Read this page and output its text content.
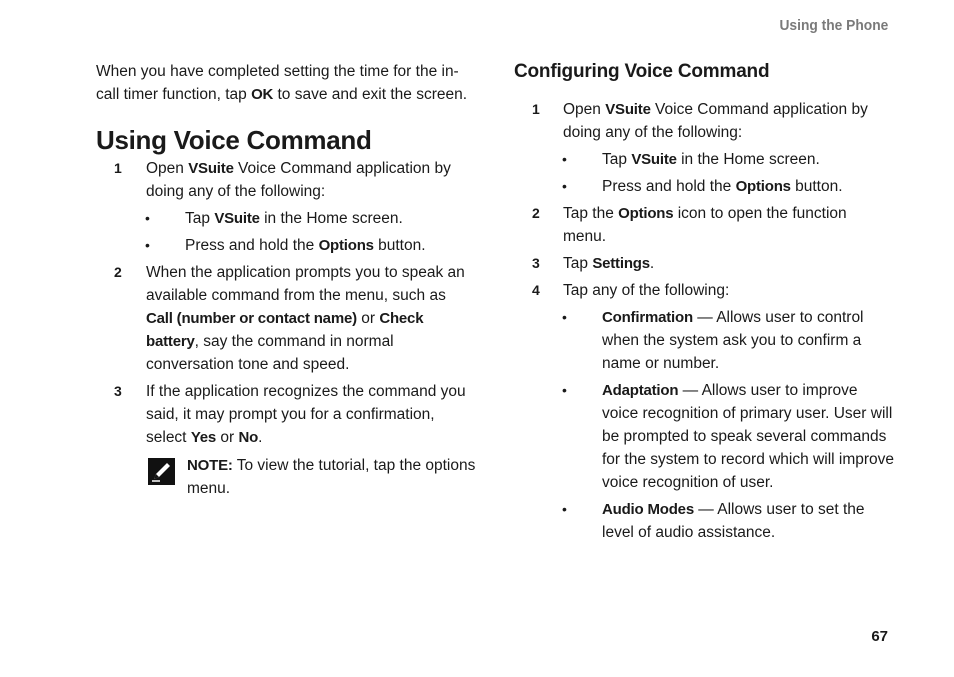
Using the Phone

When you have completed setting the time for the in-call timer function, tap OK to save and exit the screen.

Using Voice Command
1 Open VSuite Voice Command application by doing any of the following:
• Tap VSuite in the Home screen.
• Press and hold the Options button.
2 When the application prompts you to speak an available command from the menu, such as Call (number or contact name) or Check battery, say the command in normal conversation tone and speed.
3 If the application recognizes the command you said, it may prompt you for a confirmation, select Yes or No.
NOTE: To view the tutorial, tap the options menu.
Configuring Voice Command
1 Open VSuite Voice Command application by doing any of the following:
• Tap VSuite in the Home screen.
• Press and hold the Options button.
2 Tap the Options icon to open the function menu.
3 Tap Settings.
4 Tap any of the following:
• Confirmation — Allows user to control when the system ask you to confirm a name or number.
• Adaptation — Allows user to improve voice recognition of primary user. User will be prompted to speak several commands for the system to record which will improve voice recognition of user.
• Audio Modes — Allows user to set the level of audio assistance.
67
